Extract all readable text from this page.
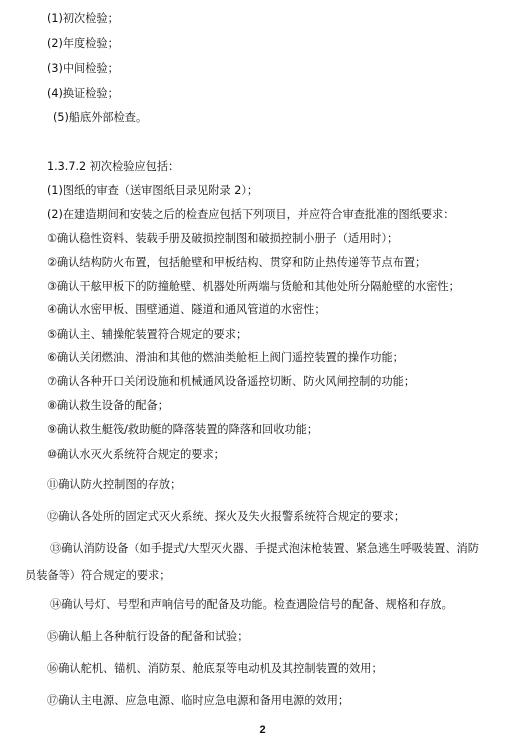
(1)初次检验；
(2)年度检验；
(3)中间检验；
(4)换证检验；
(5)船底外部检查。
1.3.7.2 初次检验应包括：
(1)图纸的审查（送审图纸目录见附录 2）；
(2)在建造期间和安装之后的检查应包括下列项目，并应符合审查批准的图纸要求：
①确认稳性资料、装载手册及破损控制图和破损控制小册子（适用时）；
②确认结构防火布置，包括舱壁和甲板结构、贯穿和防止热传递等节点布置；
③确认干舷甲板下的防撞舱壁、机器处所两端与货舱和其他处所分隔舱壁的水密性；
④确认水密甲板、围壁通道、隧道和通风管道的水密性；
⑤确认主、辅操舵装置符合规定的要求；
⑥确认关闭燃油、滑油和其他的燃油类舱柜上阀门遥控装置的操作功能；
⑦确认各种开口关闭设施和机械通风设备遥控切断、防火风闸控制的功能；
⑧确认救生设备的配备；
⑨确认救生艇筏/救助艇的降落装置的降落和回收功能；
⑩确认水灭火系统符合规定的要求；
⑪确认防火控制图的存放；
⑫确认各处所的固定式灭火系统、探火及失火报警系统符合规定的要求；
⑬确认消防设备（如手提式/大型灭火器、手提式泡沫枪装置、紧急逃生呼吸装置、消防
员装备等）符合规定的要求；
⑭确认号灯、号型和声响信号的配备及功能。检查遇险信号的配备、规格和存放。
⑮确认船上各种航行设备的配备和试验；
⑯确认舵机、锚机、消防泵、舱底泵等电动机及其控制装置的效用；
⑰确认主电源、应急电源、临时应急电源和备用电源的效用；
2
